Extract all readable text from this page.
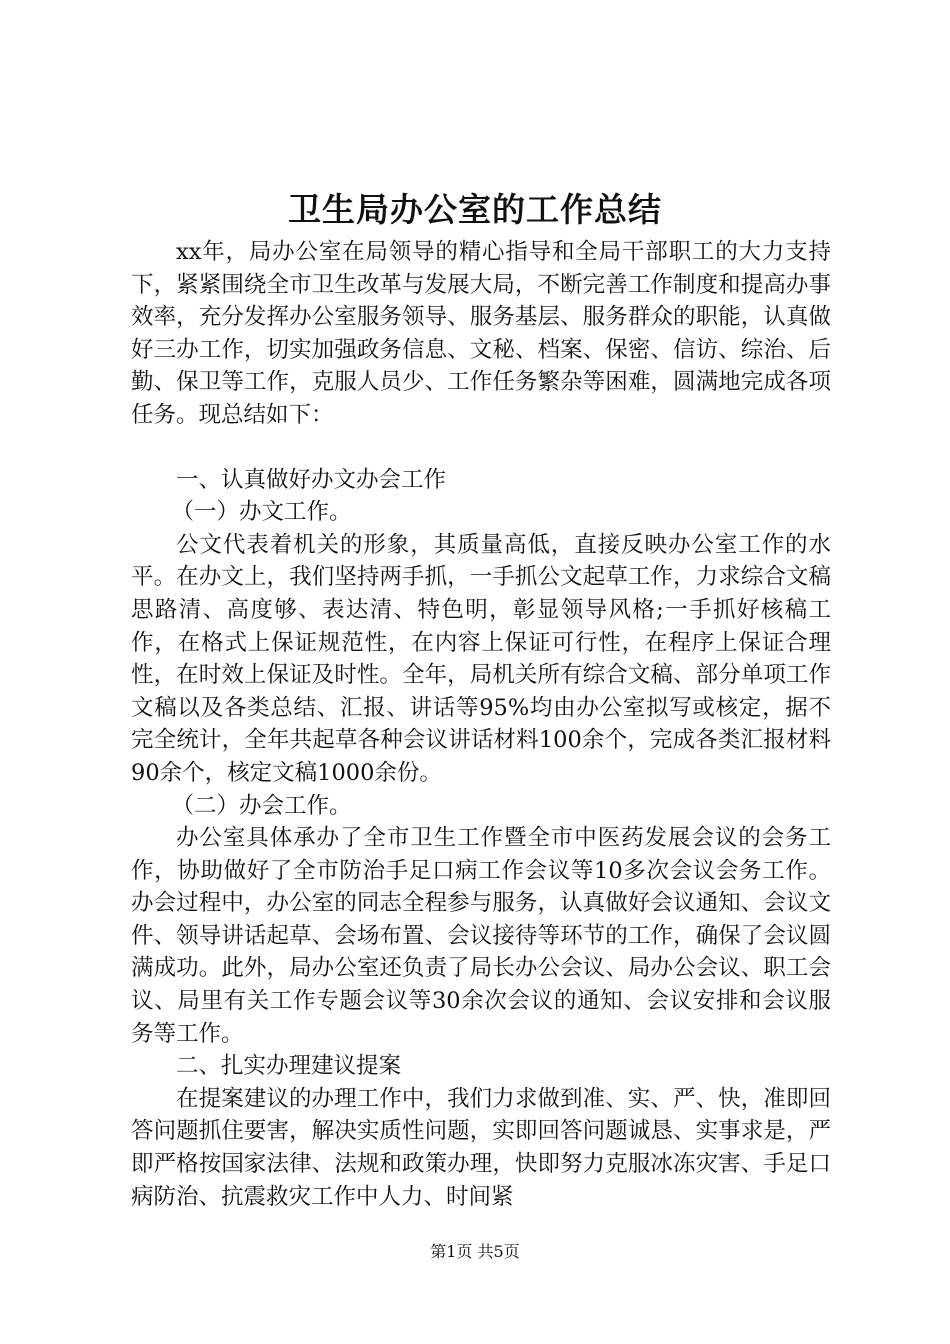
卫生局办公室的工作总结

xx年，局办公室在局领导的精心指导和全局干部职工的大力支持下，紧紧围绕全市卫生改革与发展大局，不断完善工作制度和提高办事效率，充分发挥办公室服务领导、服务基层、服务群众的职能，认真做好三办工作，切实加强政务信息、文秘、档案、保密、信访、综治、后勤、保卫等工作，克服人员少、工作任务繁杂等困难，圆满地完成各项任务。现总结如下：

一、认真做好办文办会工作

（一）办文工作。

公文代表着机关的形象，其质量高低，直接反映办公室工作的水平。在办文上，我们坚持两手抓，一手抓公文起草工作，力求综合文稿思路清、高度够、表达清、特色明，彰显领导风格;一手抓好核稿工作，在格式上保证规范性，在内容上保证可行性，在程序上保证合理性，在时效上保证及时性。全年，局机关所有综合文稿、部分单项工作文稿以及各类总结、汇报、讲话等95%均由办公室拟写或核定，据不完全统计，全年共起草各种会议讲话材料100余个，完成各类汇报材料90余个，核定文稿1000余份。

（二）办会工作。

办公室具体承办了全市卫生工作暨全市中医药发展会议的会务工作，协助做好了全市防治手足口病工作会议等10多次会议会务工作。办会过程中，办公室的同志全程参与服务，认真做好会议通知、会议文件、领导讲话起草、会场布置、会议接待等环节的工作，确保了会议圆满成功。此外，局办公室还负责了局长办公会议、局办公会议、职工会议、局里有关工作专题会议等30余次会议的通知、会议安排和会议服务等工作。

二、扎实办理建议提案

在提案建议的办理工作中，我们力求做到准、实、严、快，准即回答问题抓住要害，解决实质性问题，实即回答问题诚恳、实事求是，严即严格按国家法律、法规和政策办理，快即努力克服冰冻灾害、手足口病防治、抗震救灾工作中人力、时间紧

第1页 共5页
